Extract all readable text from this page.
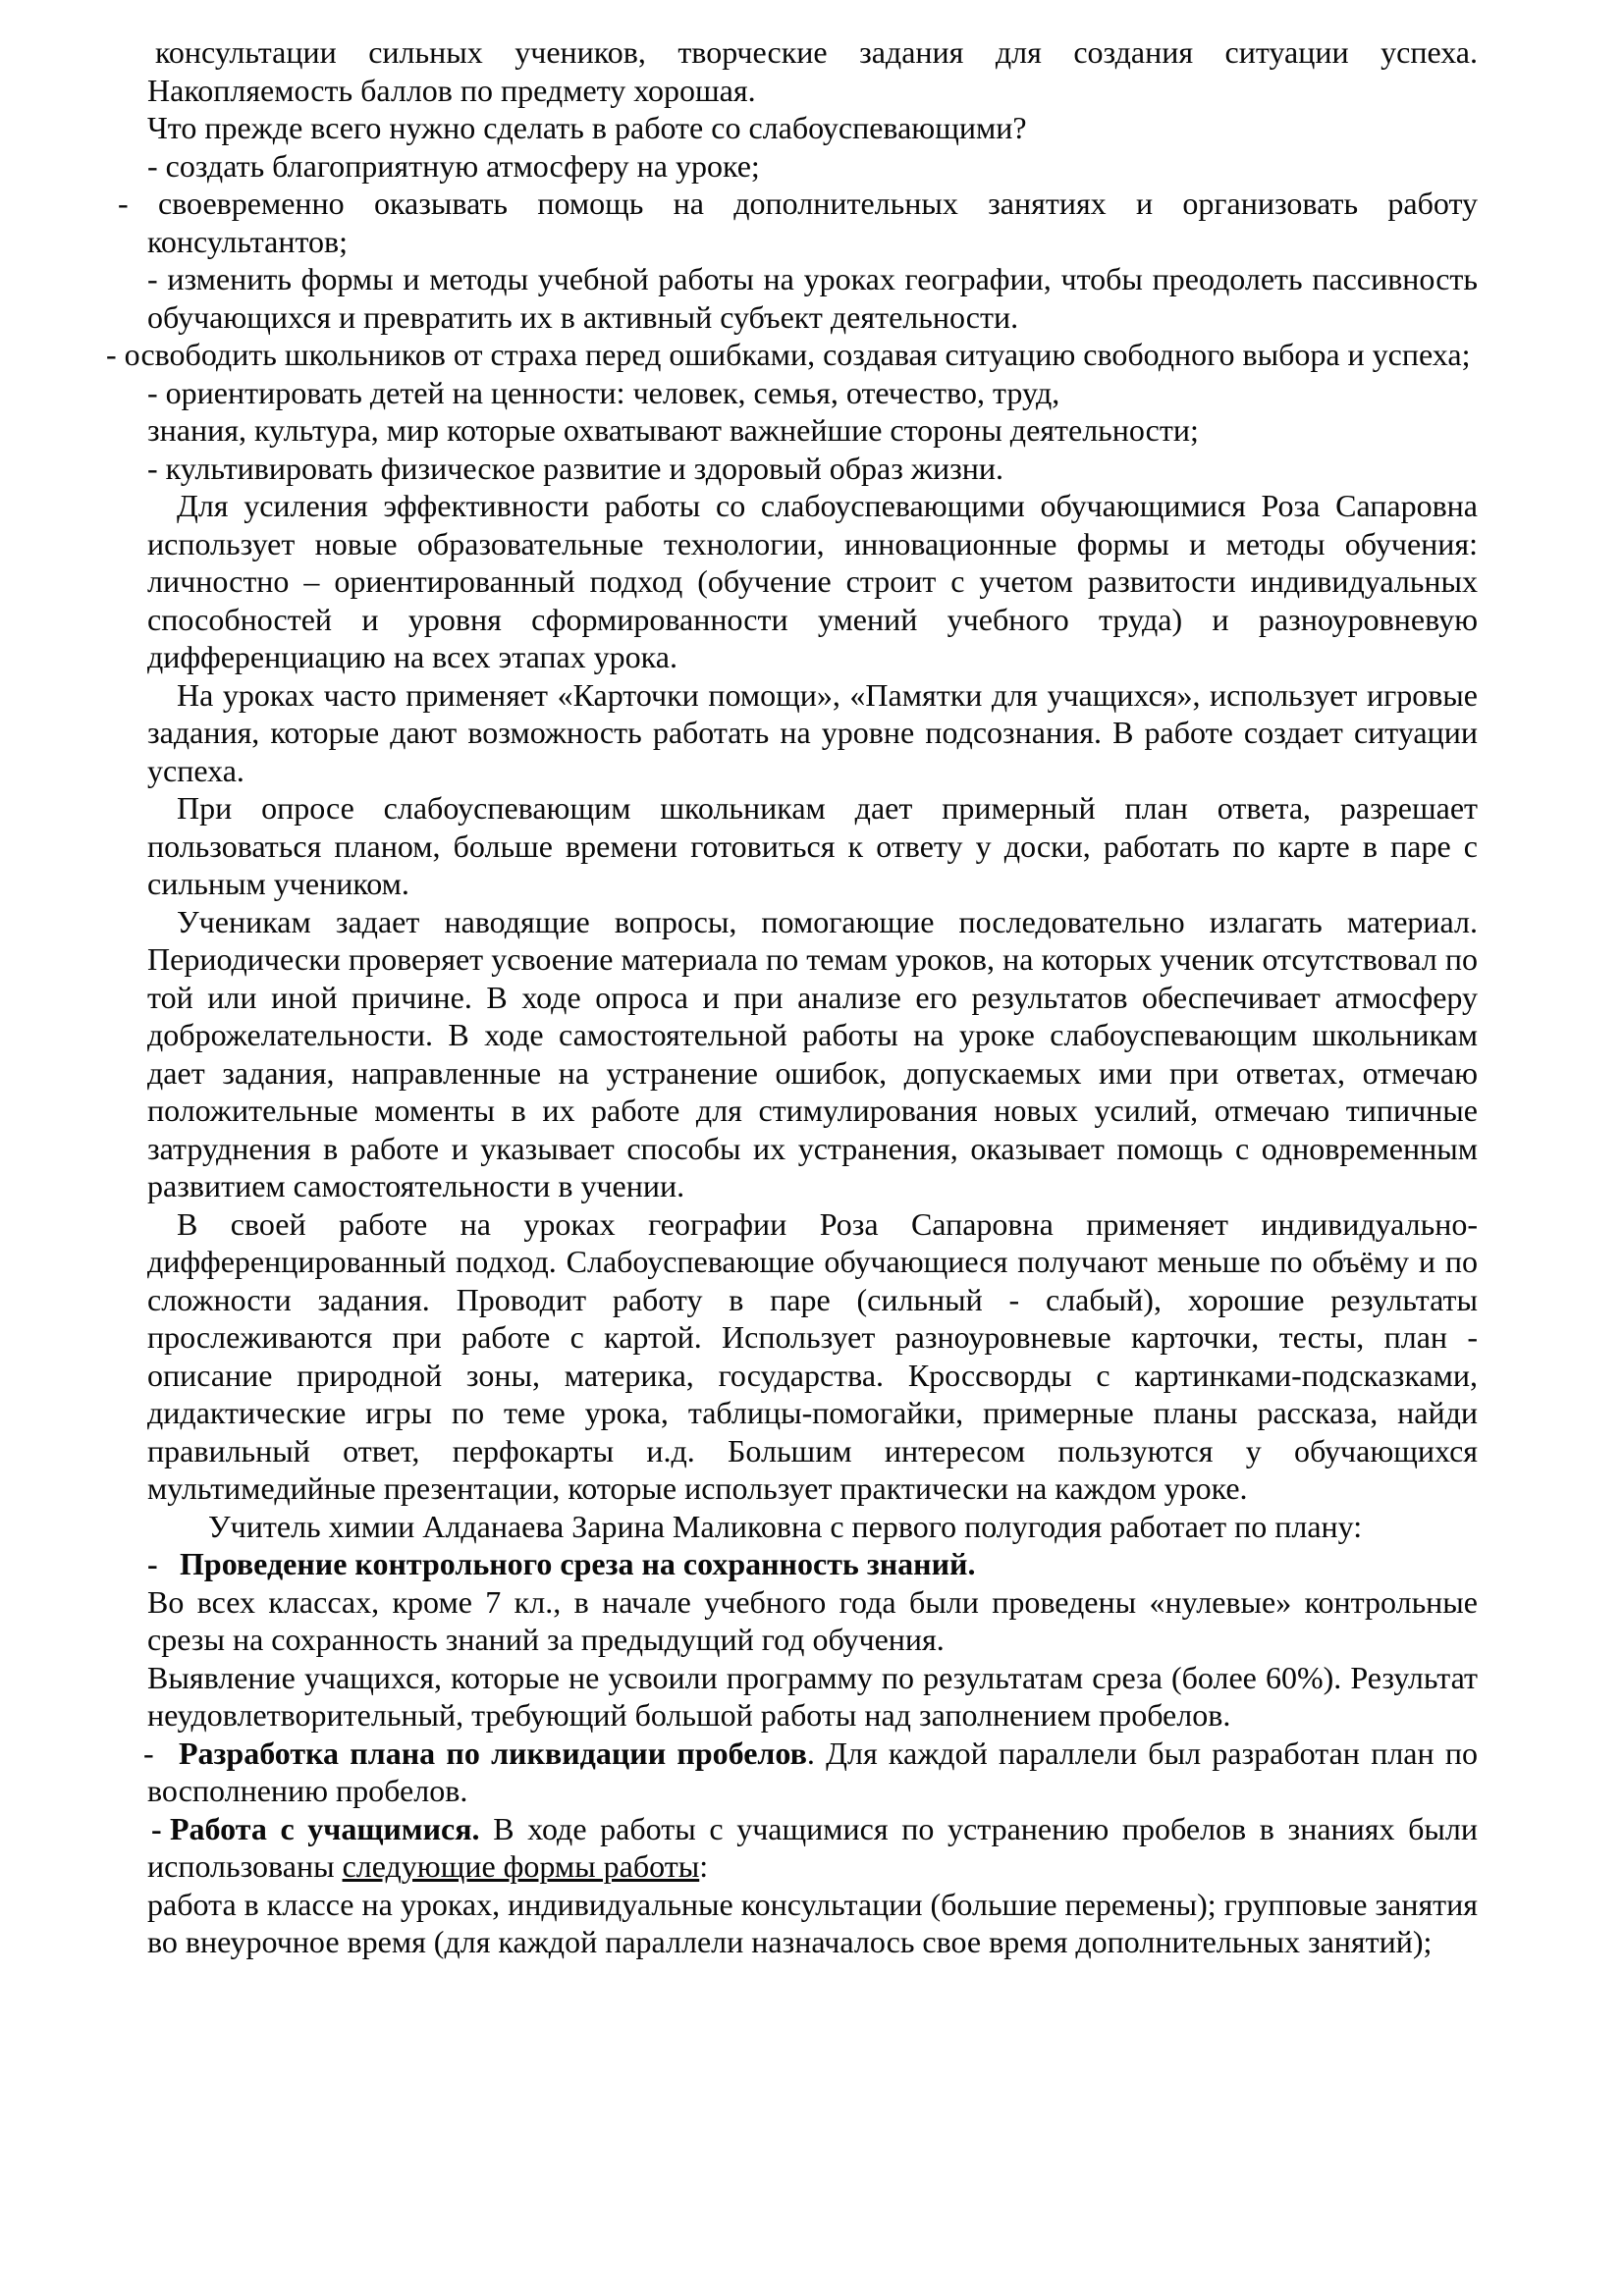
консультации сильных учеников, творческие задания для создания ситуации успеха. Накопляемость баллов по предмету хорошая.

Что прежде всего нужно сделать в работе со слабоуспевающими?

- создать благоприятную атмосферу на уроке;

- своевременно оказывать помощь на дополнительных занятиях и организовать работу консультантов;

- изменить формы и методы учебной работы на уроках географии, чтобы преодолеть пассивность обучающихся и превратить их в активный субъект деятельности.

- освободить школьников от страха перед ошибками, создавая ситуацию свободного выбора и успеха;

- ориентировать детей на ценности: человек, семья, отечество, труд,

знания, культура, мир которые охватывают важнейшие стороны деятельности;

- культивировать физическое развитие и здоровый образ жизни.

Для усиления эффективности работы со слабоуспевающими обучающимися Роза Сапаровна использует новые образовательные технологии, инновационные формы и методы обучения: личностно – ориентированный подход (обучение строит с учетом развитости индивидуальных способностей и уровня сформированности умений учебного труда) и разноуровневую дифференциацию на всех этапах урока.

На уроках часто применяет «Карточки помощи», «Памятки для учащихся», использует игровые задания, которые дают возможность работать на уровне подсознания. В работе создает ситуации успеха.

При опросе слабоуспевающим школьникам дает примерный план ответа, разрешает пользоваться планом, больше времени готовиться к ответу у доски, работать по карте в паре с сильным учеником.

Ученикам задает наводящие вопросы, помогающие последовательно излагать материал. Периодически проверяет усвоение материала по темам уроков, на которых ученик отсутствовал по той или иной причине. В ходе опроса и при анализе его результатов обеспечивает атмосферу доброжелательности. В ходе самостоятельной работы на уроке слабоуспевающим школьникам дает задания, направленные на устранение ошибок, допускаемых ими при ответах, отмечаю положительные моменты в их работе для стимулирования новых усилий, отмечаю типичные затруднения в работе и указывает способы их устранения, оказывает помощь с одновременным развитием самостоятельности в учении.

В своей работе на уроках географии Роза Сапаровна применяет индивидуально- дифференцированный подход. Слабоуспевающие обучающиеся получают меньше по объёму и по сложности задания. Проводит работу в паре (сильный - слабый), хорошие результаты прослеживаются при работе с картой. Использует разноуровневые карточки, тесты, план - описание природной зоны, материка, государства. Кроссворды с картинками-подсказками, дидактические игры по теме урока, таблицы-помогайки, примерные планы рассказа, найди правильный ответ, перфокарты и.д. Большим интересом пользуются у обучающихся мультимедийные презентации, которые использует практически на каждом уроке.

Учитель химии Алданаева Зарина Маликовна с первого полугодия работает по плану:

- Проведение контрольного среза на сохранность знаний.

Во всех классах, кроме 7 кл., в начале учебного года были проведены «нулевые» контрольные срезы на сохранность знаний за предыдущий год обучения.

Выявление учащихся, которые не усвоили программу по результатам среза (более 60%). Результат неудовлетворительный, требующий большой работы над заполнением пробелов.

- Разработка плана по ликвидации пробелов. Для каждой параллели был разработан план по восполнению пробелов.

- Работа с учащимися. В ходе работы с учащимися по устранению пробелов в знаниях были использованы следующие формы работы:

работа в классе на уроках, индивидуальные консультации (большие перемены); групповые занятия во внеурочное время (для каждой параллели назначалось свое время дополнительных занятий);
